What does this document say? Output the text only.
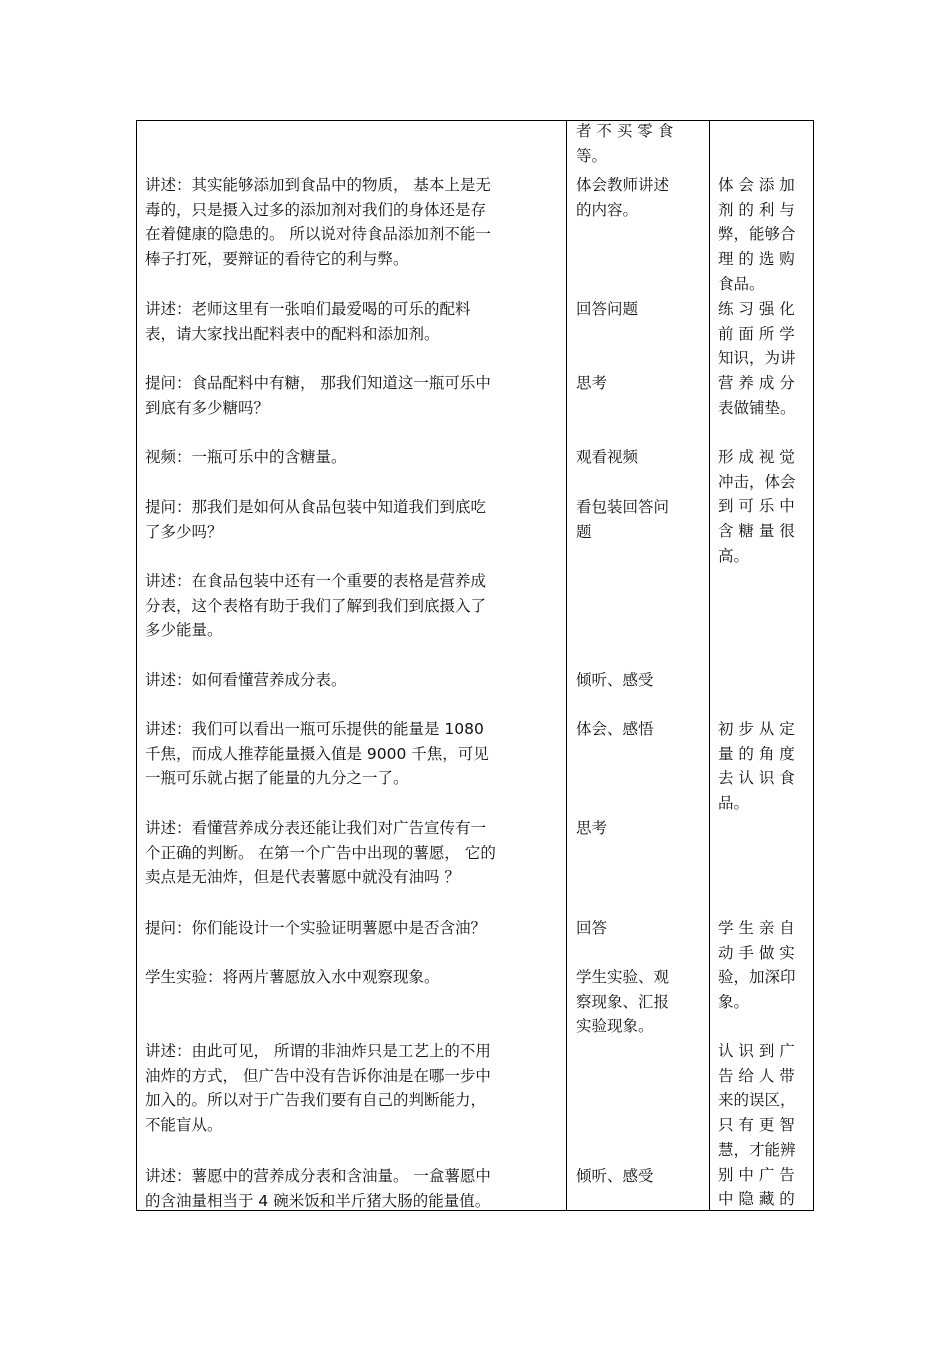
讲述：其实能够添加到食品中的物质， 基本上是无
毒的，只是摄入过多的添加剂对我们的身体还是存
在着健康的隐患的。 所以说对待食品添加剂不能一
棒子打死，要辩证的看待它的利与弊。
讲述：老师这里有一张咱们最爱喝的可乐的配料
表，请大家找出配料表中的配料和添加剂。
提问：食品配料中有糖， 那我们知道这一瓶可乐中
到底有多少糖吗？
视频：一瓶可乐中的含糖量。
提问：那我们是如何从食品包装中知道我们到底吃
了多少吗？
讲述：在食品包装中还有一个重要的表格是营养成
分表，这个表格有助于我们了解到我们到底摄入了
多少能量。
讲述：如何看懂营养成分表。
讲述：我们可以看出一瓶可乐提供的能量是 1080
千焦，而成人推荐能量摄入值是 9000 千焦，可见
一瓶可乐就占据了能量的九分之一了。
讲述：看懂营养成分表还能让我们对广告宣传有一
个正确的判断。 在第一个广告中出现的薯愿， 它的
卖点是无油炸，但是代表薯愿中就没有油吗 ？
提问：你们能设计一个实验证明薯愿中是否含油？
学生实验：将两片薯愿放入水中观察现象。
讲述：由此可见， 所谓的非油炸只是工艺上的不用
油炸的方式， 但广告中没有告诉你油是在哪一步中
加入的。所以对于广告我们要有自己的判断能力，
不能盲从。
讲述：薯愿中的营养成分表和含油量。 一盒薯愿中
的含油量相当于 4 碗米饭和半斤猪大肠的能量值。
者 不 买 零 食
等。
体会教师讲述
的内容。
回答问题
思考
观看视频
看包装回答问
题
倾听、感受
体会、感悟
思考
回答
学生实验、观
察现象、汇报
实验现象。
倾听、感受
体 会 添 加
剂 的 利 与
弊，能够合
理 的 选 购
食品。
练 习 强 化
前 面 所 学
知识，为讲
营 养 成 分
表做铺垫。
形 成 视 觉
冲击，体会
到 可 乐 中
含 糖 量 很
高。
初 步 从 定
量 的 角 度
去 认 识 食
品。
学 生 亲 自
动 手 做 实
验，加深印
象。
认 识 到 广
告 给 人 带
来的误区，
只 有 更 智
慧，才能辨
别 中 广 告
中 隐 藏 的
